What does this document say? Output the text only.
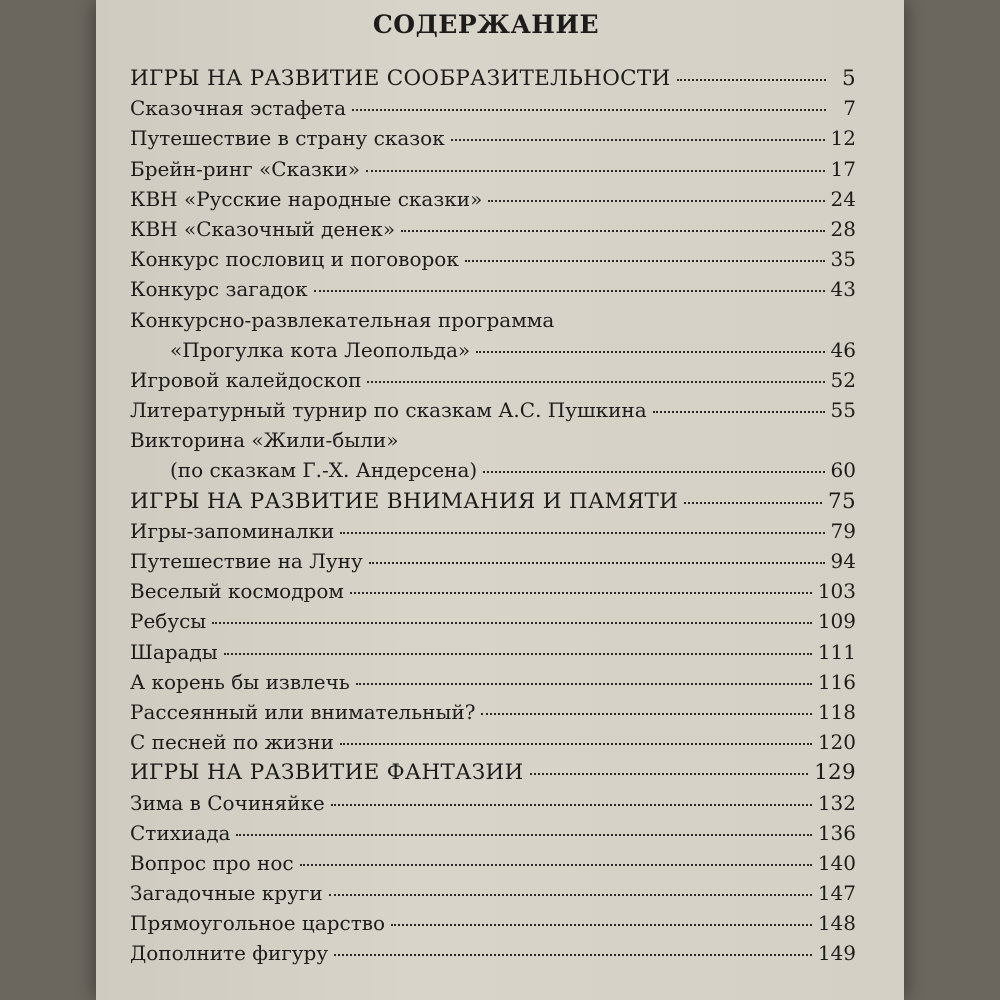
СОДЕРЖАНИЕ
ИГРЫ НА РАЗВИТИЕ СООБРАЗИТЕЛЬНОСТИ	5
Сказочная эстафета	7
Путешествие в страну сказок	12
Брейн-ринг «Сказки»	17
КВН «Русские народные сказки»	24
КВН «Сказочный денек»	28
Конкурс пословиц и поговорок	35
Конкурс загадок	43
Конкурсно-развлекательная программа
«Прогулка кота Леопольда»	46
Игровой калейдоскоп	52
Литературный турнир по сказкам А.С. Пушкина	55
Викторина «Жили-были»
(по сказкам Г.-Х. Андерсена)	60
ИГРЫ НА РАЗВИТИЕ ВНИМАНИЯ И ПАМЯТИ	75
Игры-запоминалки	79
Путешествие на Луну	94
Веселый космодром	103
Ребусы	109
Шарады	111
А корень бы извлечь	116
Рассеянный или внимательный?	118
С песней по жизни	120
ИГРЫ НА РАЗВИТИЕ ФАНТАЗИИ	129
Зима в Сочиняйке	132
Стихиада	136
Вопрос про нос	140
Загадочные круги	147
Прямоугольное царство	148
Дополните фигуру	149
